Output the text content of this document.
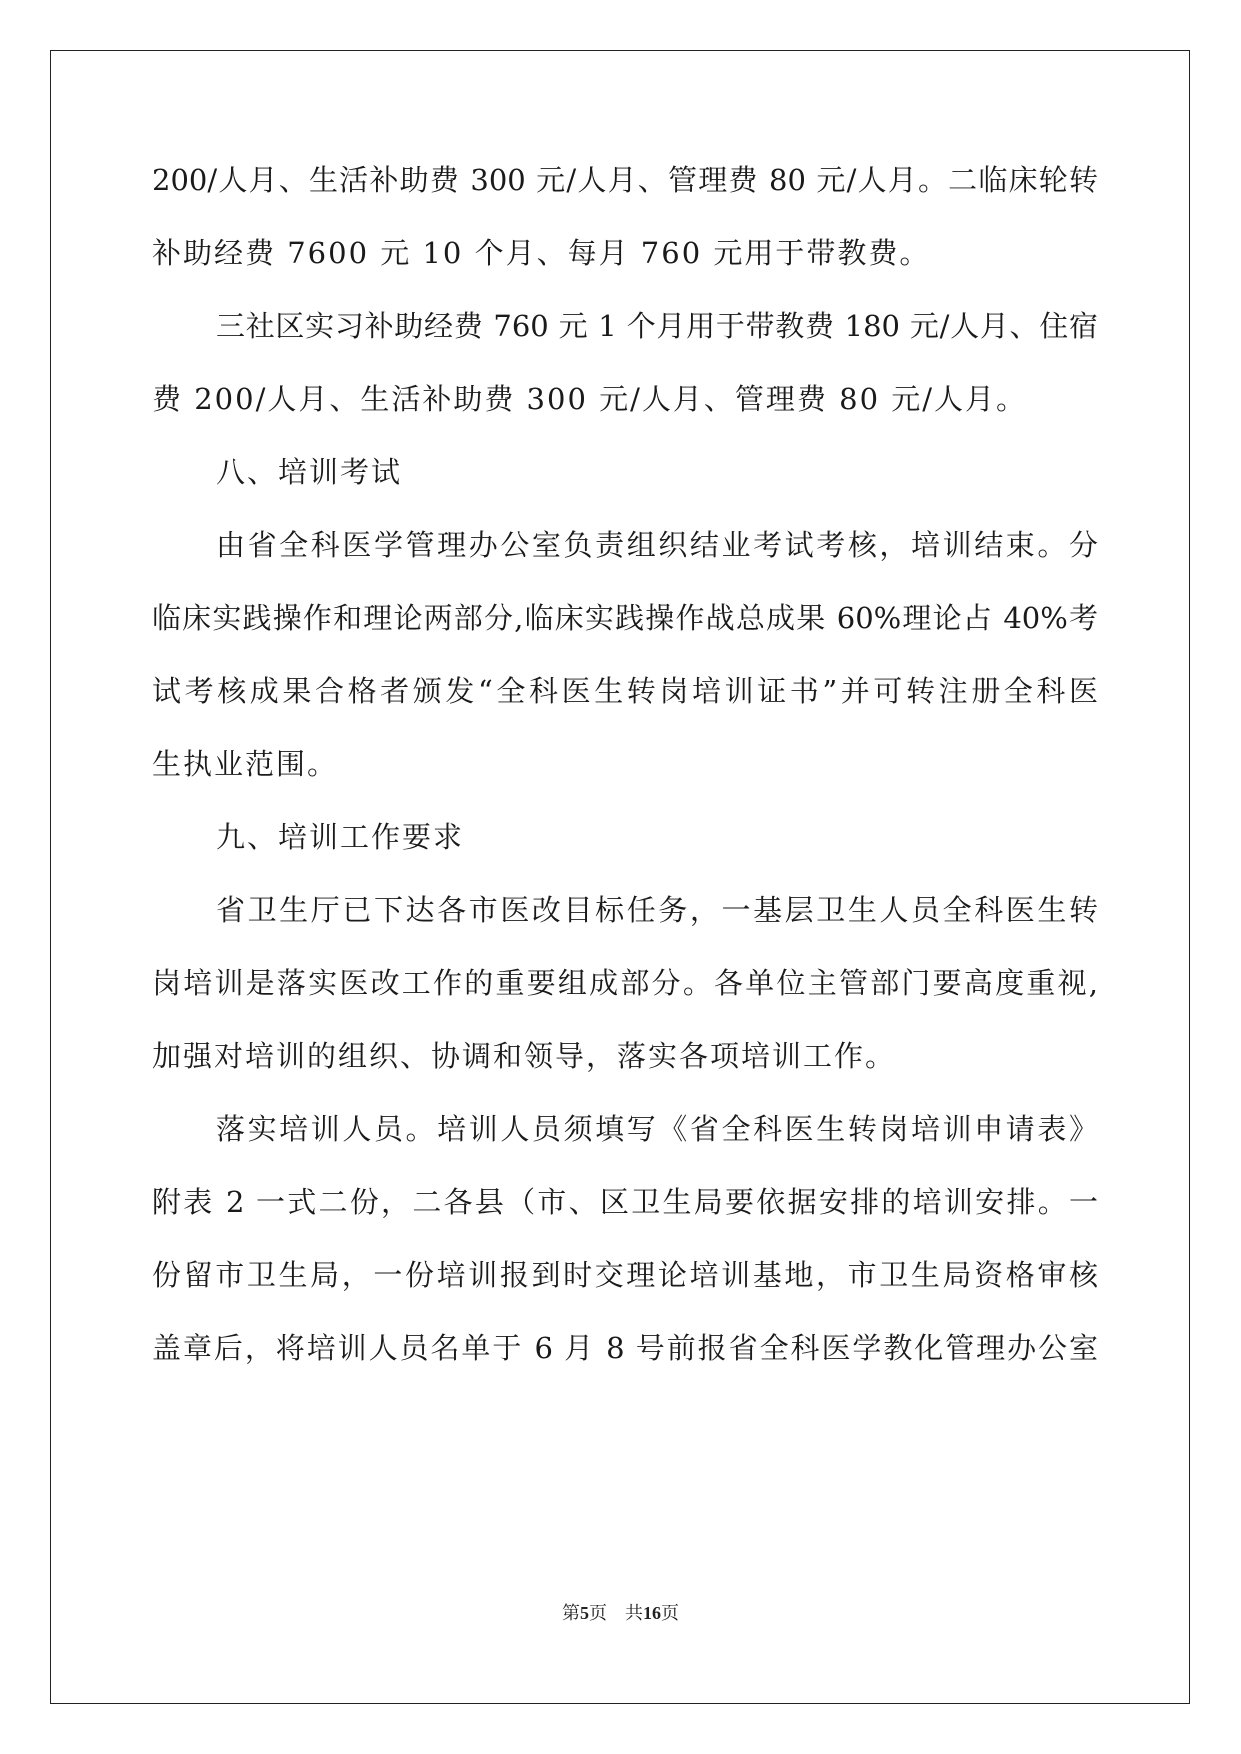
200/人月、生活补助费 300 元/人月、管理费 80 元/人月。二临床轮转
补助经费 7600 元 10 个月、每月 760 元用于带教费。
三社区实习补助经费 760 元 1 个月用于带教费 180 元/人月、住宿
费 200/人月、生活补助费 300 元/人月、管理费 80 元/人月。
八、培训考试
由省全科医学管理办公室负责组织结业考试考核，培训结束。分
临床实践操作和理论两部分,临床实践操作战总成果 60%理论占 40%考
试考核成果合格者颁发“全科医生转岗培训证书”并可转注册全科医
生执业范围。
九、培训工作要求
省卫生厅已下达各市医改目标任务，一基层卫生人员全科医生转
岗培训是落实医改工作的重要组成部分。各单位主管部门要高度重视,
加强对培训的组织、协调和领导，落实各项培训工作。
落实培训人员。培训人员须填写《省全科医生转岗培训申请表》
附表 2 一式二份，二各县（市、区卫生局要依据安排的培训安排。一
份留市卫生局，一份培训报到时交理论培训基地，市卫生局资格审核
盖章后，将培训人员名单于 6 月 8 号前报省全科医学教化管理办公室
第5页 共16页
